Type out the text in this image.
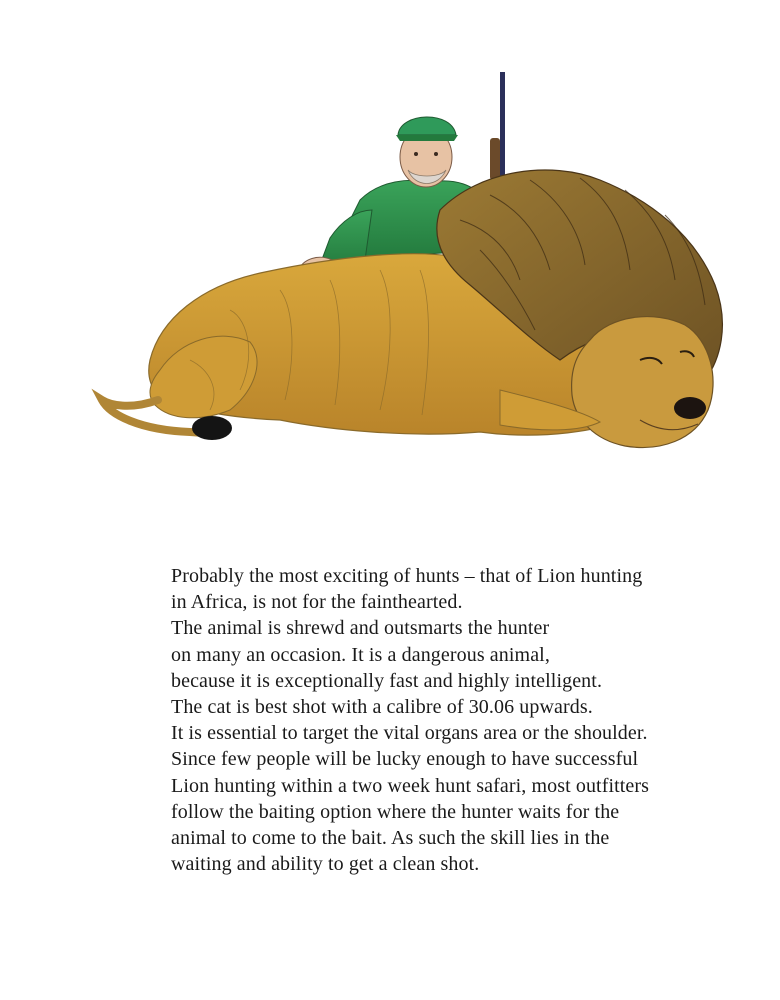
Probably the most exciting of hunts – that of Lion hunting
in Africa, is not for the fainthearted.
The animal is shrewd and outsmarts the hunter
on many an occasion. It is a dangerous animal,
because it is exceptionally fast and highly intelligent.
The cat is best shot with a calibre of 30.06 upwards.
It is essential to target the vital organs area or the shoulder.
Since few people will be lucky enough to have successful
Lion hunting within a two week hunt safari, most outfitters
follow the baiting option where the hunter waits for the
animal to come to the bait. As such the skill lies in the
waiting and ability to get a clean shot.
